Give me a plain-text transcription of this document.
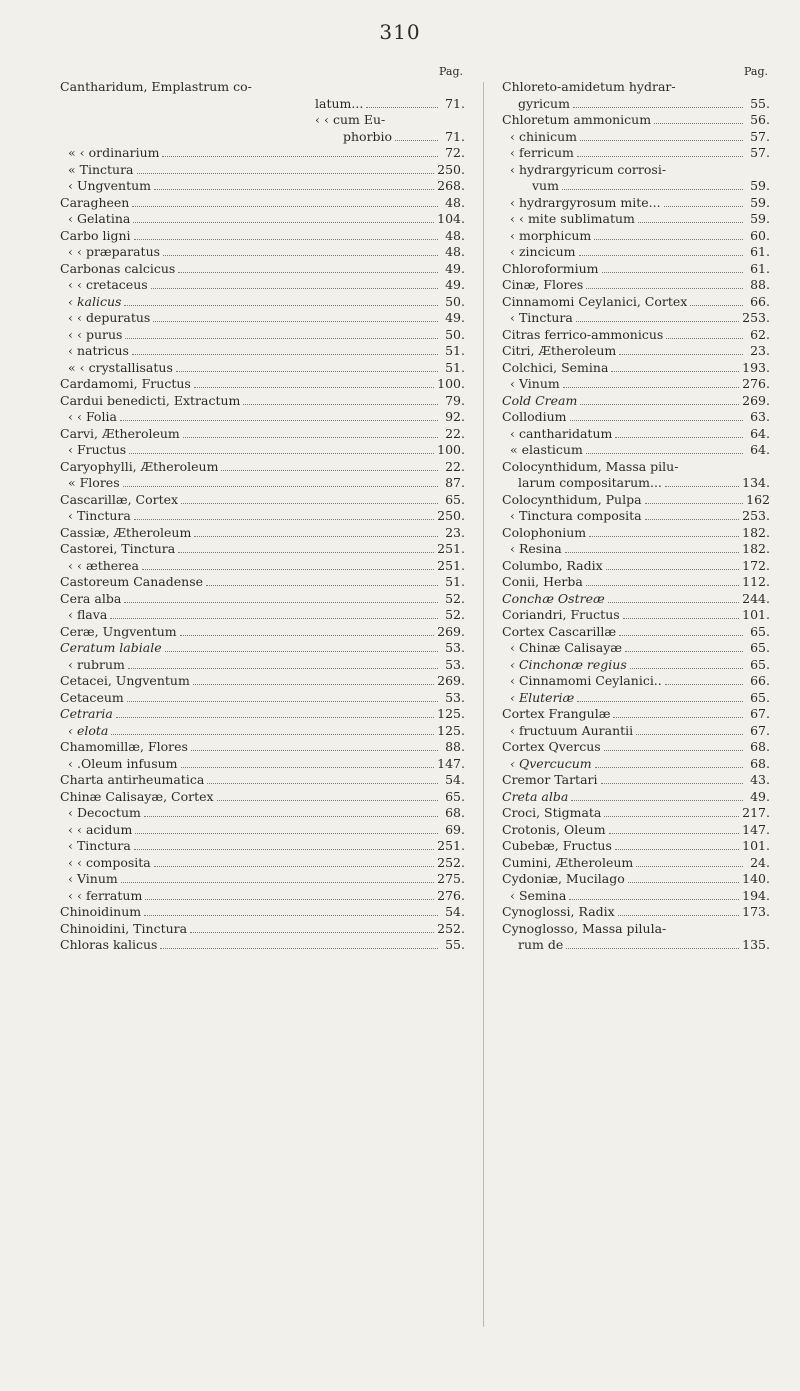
310
Pag.
Cantharidum, Emplastrum co-
latum...	71.
‹ ‹ cum Eu-
phorbio	71.
« ‹ ordinarium	72.
« Tinctura	250.
‹ Ungventum	268.
Caragheen	48.
‹ Gelatina	104.
Carbo ligni	48.
‹ ‹ præparatus	48.
Carbonas calcicus	49.
‹ ‹ cretaceus	49.
‹ kalicus	50.
‹ ‹ depuratus	49.
‹ ‹ purus	50.
‹ natricus	51.
« ‹ crystallisatus	51.
Cardamomi, Fructus	100.
Cardui benedicti, Extractum	79.
‹ ‹ Folia	92.
Carvi, Ætheroleum	22.
‹ Fructus	100.
Caryophylli, Ætheroleum	22.
« Flores	87.
Cascarillæ, Cortex	65.
‹ Tinctura	250.
Cassiæ, Ætheroleum	23.
Castorei, Tinctura	251.
‹ ‹ ætherea	251.
Castoreum Canadense	51.
Cera alba	52.
‹ flava	52.
Ceræ, Ungventum	269.
Ceratum labiale	53.
‹ rubrum	53.
Cetacei, Ungventum	269.
Cetaceum	53.
Cetraria	125.
‹ elota	125.
Chamomillæ, Flores	88.
‹ .Oleum infusum	147.
Charta antirheumatica	54.
Chinæ Calisayæ, Cortex	65.
‹ Decoctum	68.
‹ ‹ acidum	69.
‹ Tinctura	251.
‹ ‹ composita	252.
‹ Vinum	275.
‹ ‹ ferratum	276.
Chinoidinum	54.
Chinoidini, Tinctura	252.
Chloras kalicus	55.
Pag.
Chloreto-amidetum hydrar-
gyricum	55.
Chloretum ammonicum	56.
‹ chinicum	57.
‹ ferricum	57.
‹ hydrargyricum corrosi-
vum	59.
‹ hydrargyrosum mite...	59.
‹ ‹ mite sublimatum	59.
‹ morphicum	60.
‹ zincicum	61.
Chloroformium	61.
Cinæ, Flores	88.
Cinnamomi Ceylanici, Cortex	66.
‹ Tinctura	253.
Citras ferrico-ammonicus	62.
Citri, Ætheroleum	23.
Colchici, Semina	193.
‹ Vinum	276.
Cold Cream	269.
Collodium	63.
‹ cantharidatum	64.
« elasticum	64.
Colocynthidum, Massa pilu-
larum compositarum...	134.
Colocynthidum, Pulpa	162
‹ Tinctura composita	253.
Colophonium	182.
‹ Resina	182.
Columbo, Radix	172.
Conii, Herba	112.
Conchæ Ostreæ	244.
Coriandri, Fructus	101.
Cortex Cascarillæ	65.
‹ Chinæ Calisayæ	65.
‹ Cinchonæ regius	65.
‹ Cinnamomi Ceylanici..	66.
‹ Eluteriæ	65.
Cortex Frangulæ	67.
‹ fructuum Aurantii	67.
Cortex Qvercus	68.
‹ Qvercucum	68.
Cremor Tartari	43.
Creta alba	49.
Croci, Stigmata	217.
Crotonis, Oleum	147.
Cubebæ, Fructus	101.
Cumini, Ætheroleum	24.
Cydoniæ, Mucilago	140.
‹ Semina	194.
Cynoglossi, Radix	173.
Cynoglosso, Massa pilula-
rum de	135.
